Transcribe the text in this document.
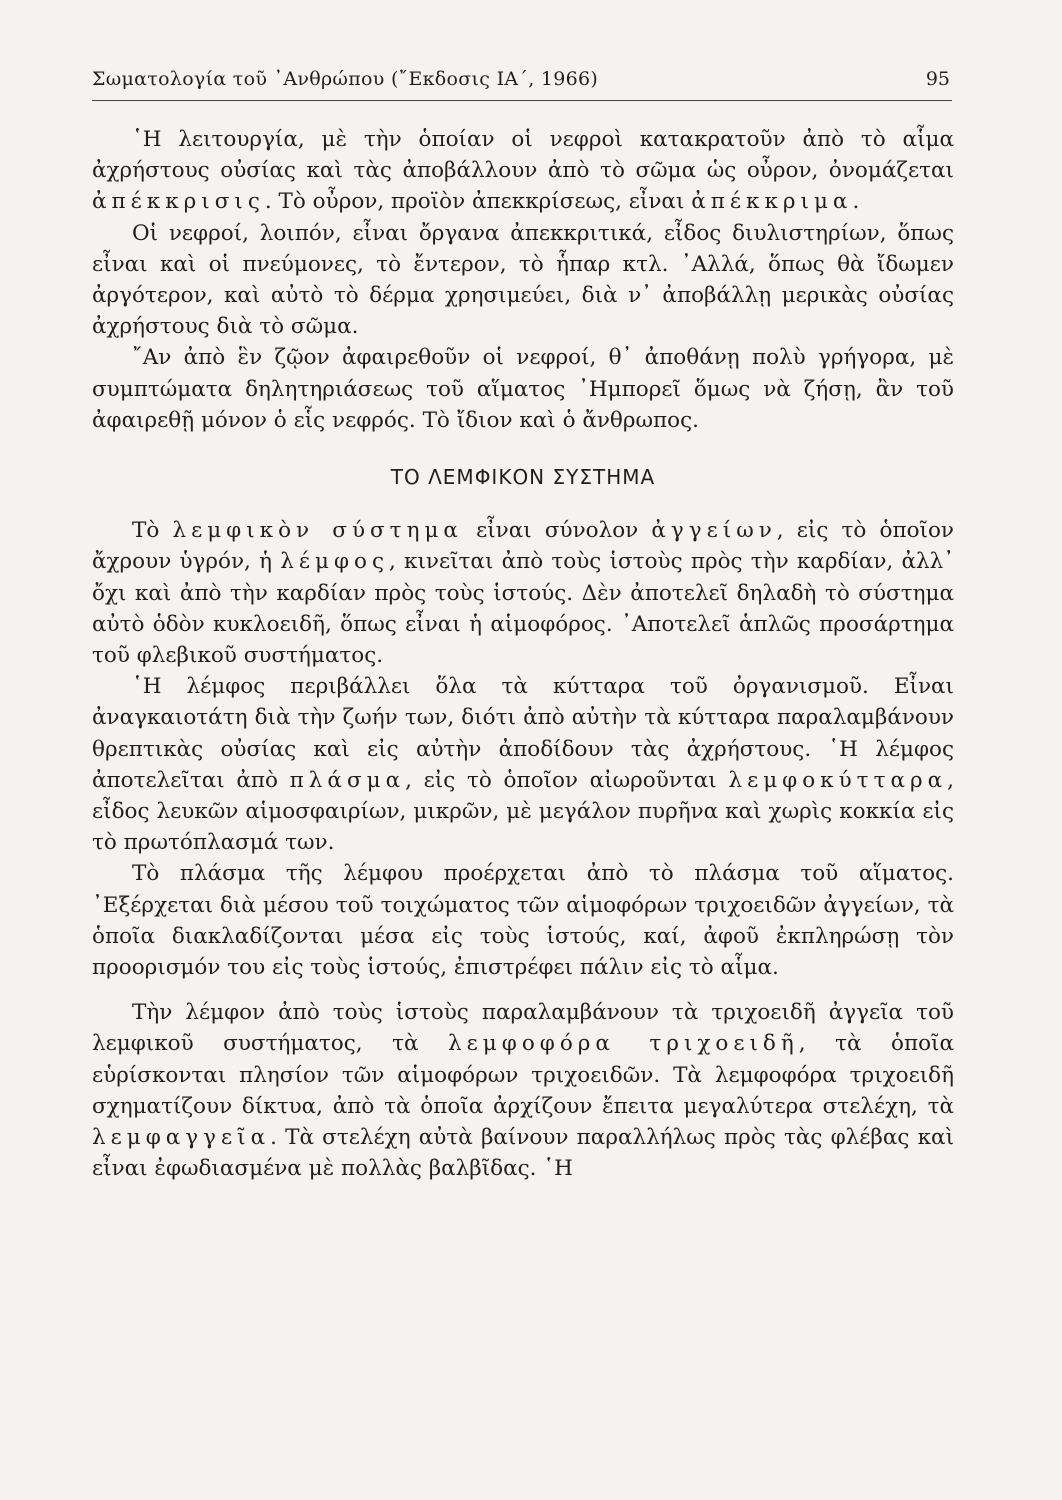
Σωματολογία τοῦ ᾿Ανθρώπου (῎Εκδοσις ΙΑ΄, 1966)	95

῾Η λειτουργία, μὲ τὴν ὁποίαν οἱ νεφροὶ κατακρατοῦν ἀπὸ τὸ αἷμα ἀχρήστους οὐσίας καὶ τὰς ἀποβάλλουν ἀπὸ τὸ σῶμα ὡς οὖρον, ὀνομάζεται ἀπέκκρισις. Τὸ οὖρον, προϊὸν ἀπεκκρίσεως, εἶναι ἀπέκκριμα.

Οἱ νεφροί, λοιπόν, εἶναι ὄργανα ἀπεκκριτικά, εἶδος διυλιστηρίων, ὅπως εἶναι καὶ οἱ πνεύμονες, τὸ ἔντερον, τὸ ἧπαρ κτλ. ᾿Αλλά, ὅπως θὰ ἴδωμεν ἀργότερον, καὶ αὐτὸ τὸ δέρμα χρησιμεύει, διὰ ν᾿ ἀποβάλλῃ μερικὰς οὐσίας ἀχρήστους διὰ τὸ σῶμα.

῎Αν ἀπὸ ἓν ζῷον ἀφαιρεθοῦν οἱ νεφροί, θ᾿ ἀποθάνῃ πολὺ γρήγορα, μὲ συμπτώματα δηλητηριάσεως τοῦ αἵματος ᾿Ημπορεῖ ὅμως νὰ ζήσῃ, ἂν τοῦ ἀφαιρεθῇ μόνον ὁ εἷς νεφρός. Τὸ ἴδιον καὶ ὁ ἄνθρωπος.

ΤΟ ΛΕΜΦΙΚΟΝ ΣΥΣΤΗΜΑ

Τὸ λεμφικὸν σύστημα εἶναι σύνολον ἀγγείων, εἰς τὸ ὁποῖον ἄχρουν ὑγρόν, ἡ λέμφος, κινεῖται ἀπὸ τοὺς ἱστοὺς πρὸς τὴν καρδίαν, ἀλλ᾿ ὄχι καὶ ἀπὸ τὴν καρδίαν πρὸς τοὺς ἱστούς. Δὲν ἀποτελεῖ δηλαδὴ τὸ σύστημα αὐτὸ ὁδὸν κυκλοειδῆ, ὅπως εἶναι ἡ αἱμοφόρος. ᾿Αποτελεῖ ἁπλῶς προσάρτημα τοῦ φλεβικοῦ συστήματος.

῾Η λέμφος περιβάλλει ὅλα τὰ κύτταρα τοῦ ὀργανισμοῦ. Εἶναι ἀναγκαιοτάτη διὰ τὴν ζωήν των, διότι ἀπὸ αὐτὴν τὰ κύτταρα παραλαμβάνουν θρεπτικὰς οὐσίας καὶ εἰς αὐτὴν ἀποδίδουν τὰς ἀχρήστους. ῾Η λέμφος ἀποτελεῖται ἀπὸ πλάσμα, εἰς τὸ ὁποῖον αἰωροῦνται λεμφοκύτταρα, εἶδος λευκῶν αἱμοσφαιρίων, μικρῶν, μὲ μεγάλον πυρῆνα καὶ χωρὶς κοκκία εἰς τὸ πρωτόπλασμά των.

Τὸ πλάσμα τῆς λέμφου προέρχεται ἀπὸ τὸ πλάσμα τοῦ αἵματος. ᾿Εξέρχεται διὰ μέσου τοῦ τοιχώματος τῶν αἱμοφόρων τριχοειδῶν ἀγγείων, τὰ ὁποῖα διακλαδίζονται μέσα εἰς τοὺς ἱστούς, καί, ἀφοῦ ἐκπληρώσῃ τὸν προορισμόν του εἰς τοὺς ἱστούς, ἐπιστρέφει πάλιν εἰς τὸ αἷμα.

Τὴν λέμφον ἀπὸ τοὺς ἱστοὺς παραλαμβάνουν τὰ τριχοειδῆ ἀγγεῖα τοῦ λεμφικοῦ συστήματος, τὰ λεμφοφόρα τριχοειδῆ, τὰ ὁποῖα εὑρίσκονται πλησίον τῶν αἱμοφόρων τριχοειδῶν. Τὰ λεμφοφόρα τριχοειδῆ σχηματίζουν δίκτυα, ἀπὸ τὰ ὁποῖα ἀρχίζουν ἔπειτα μεγαλύτερα στελέχη, τὰ λεμφαγγεῖα. Τὰ στελέχη αὐτὰ βαίνουν παραλλήλως πρὸς τὰς φλέβας καὶ εἶναι ἐφωδιασμένα μὲ πολλὰς βαλβῖδας. ῾Η
